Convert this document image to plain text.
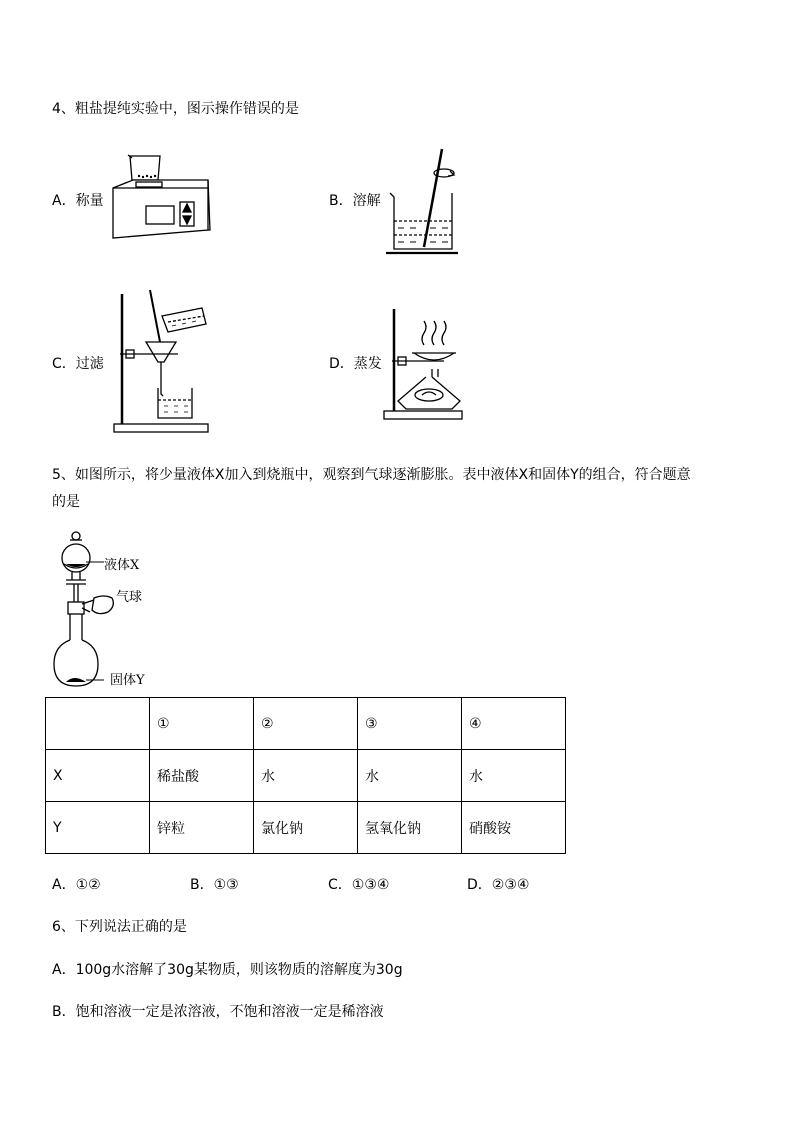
4、粗盐提纯实验中，图示操作错误的是
A．称量	B．溶解
C．过滤	D．蒸发
5、如图所示，将少量液体X加入到烧瓶中，观察到气球逐渐膨胀。表中液体X和固体Y的组合，符合题意
的是
液体X
气球
固体Y
	①	②	③	④
X	稀盐酸	水	水	水
Y	锌粒	氯化钠	氢氧化钠	硝酸铵
A．①②	B．①③	C．①③④	D．②③④
6、下列说法正确的是
A．100g水溶解了30g某物质，则该物质的溶解度为30g
B．饱和溶液一定是浓溶液，不饱和溶液一定是稀溶液
